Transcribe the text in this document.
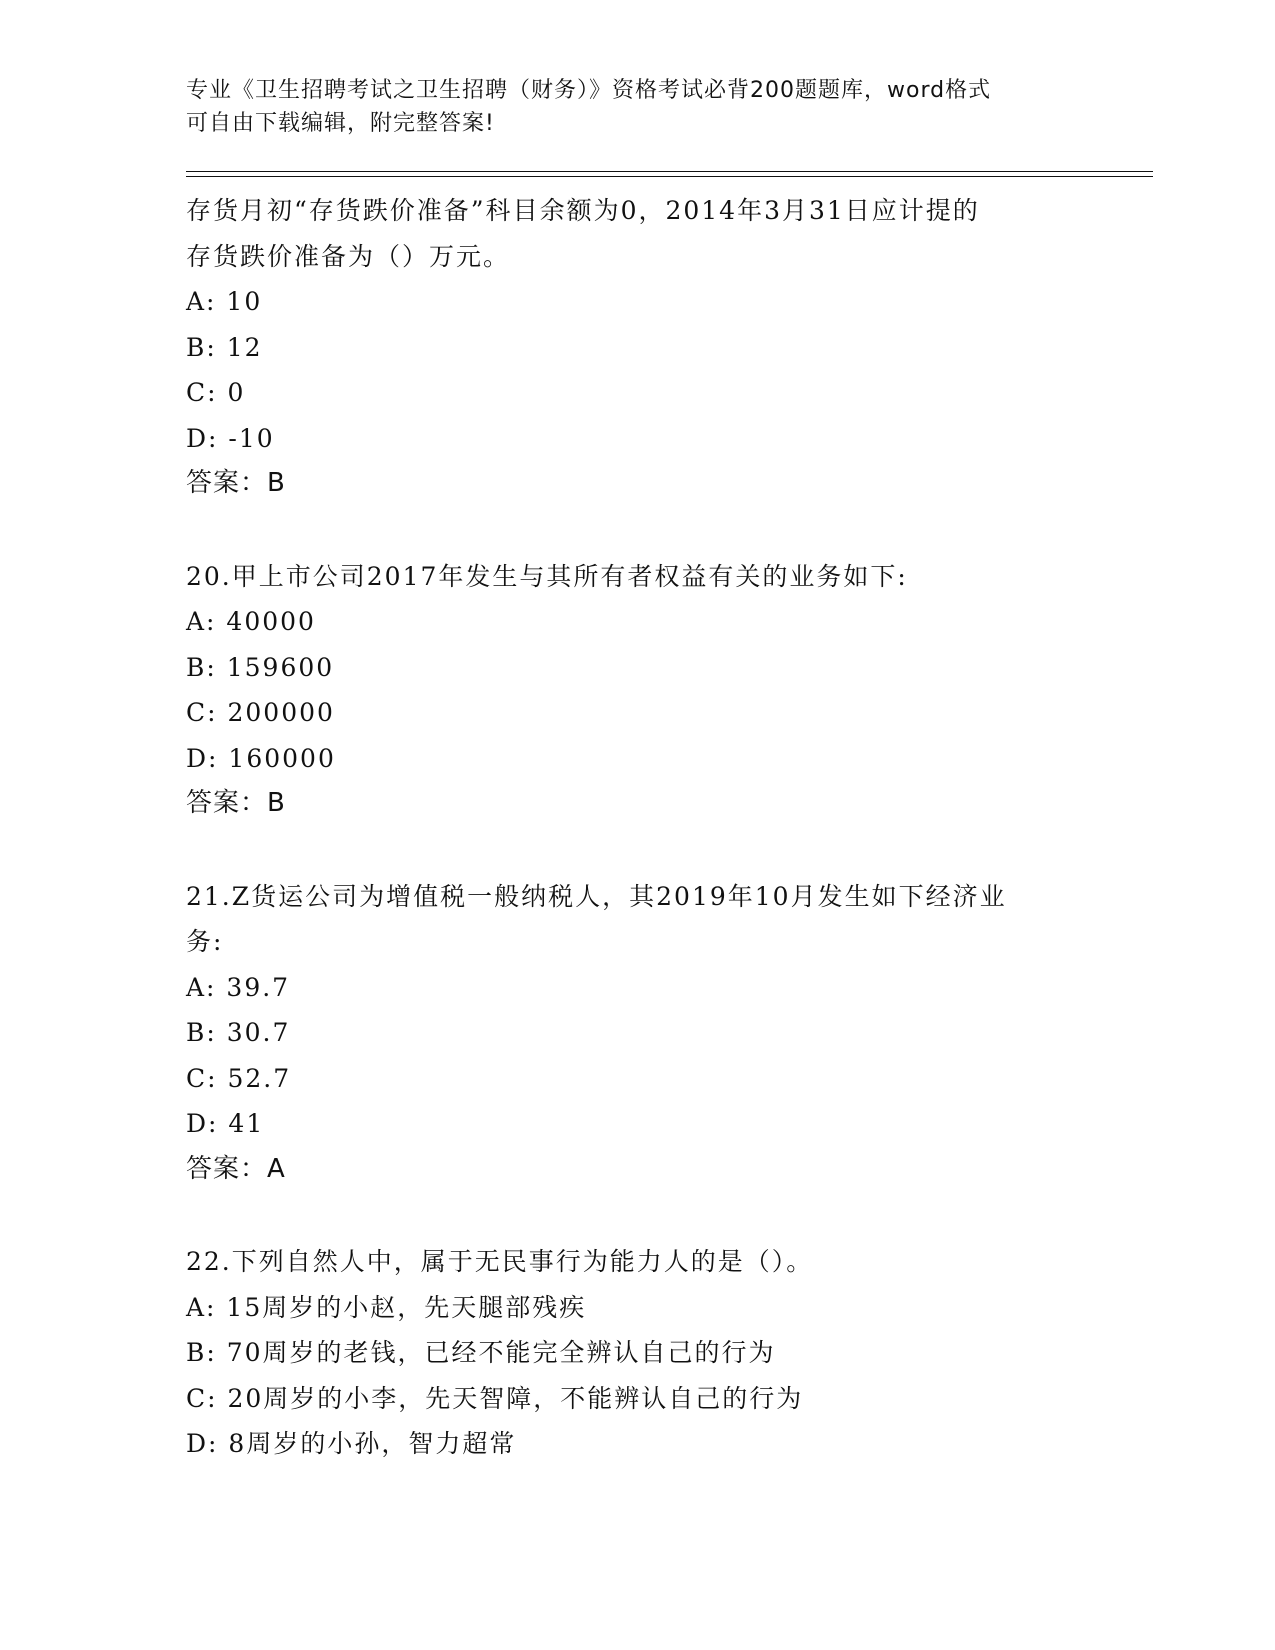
专业《卫生招聘考试之卫生招聘（财务）》资格考试必背200题题库，word格式
可自由下载编辑，附完整答案!
存货月初“存货跌价准备”科目余额为0，2014年3月31日应计提的
存货跌价准备为（）万元。
A: 10
B: 12
C: 0
D: -10
答案：B
20.甲上市公司2017年发生与其所有者权益有关的业务如下:
A: 40000
B: 159600
C: 200000
D: 160000
答案：B
21.Z货运公司为增值税一般纳税人，其2019年10月发生如下经济业
务:
A: 39.7
B: 30.7
C: 52.7
D: 41
答案：A
22.下列自然人中，属于无民事行为能力人的是（）。
A: 15周岁的小赵，先天腿部残疾
B: 70周岁的老钱，已经不能完全辨认自己的行为
C: 20周岁的小李，先天智障，不能辨认自己的行为
D: 8周岁的小孙，智力超常
